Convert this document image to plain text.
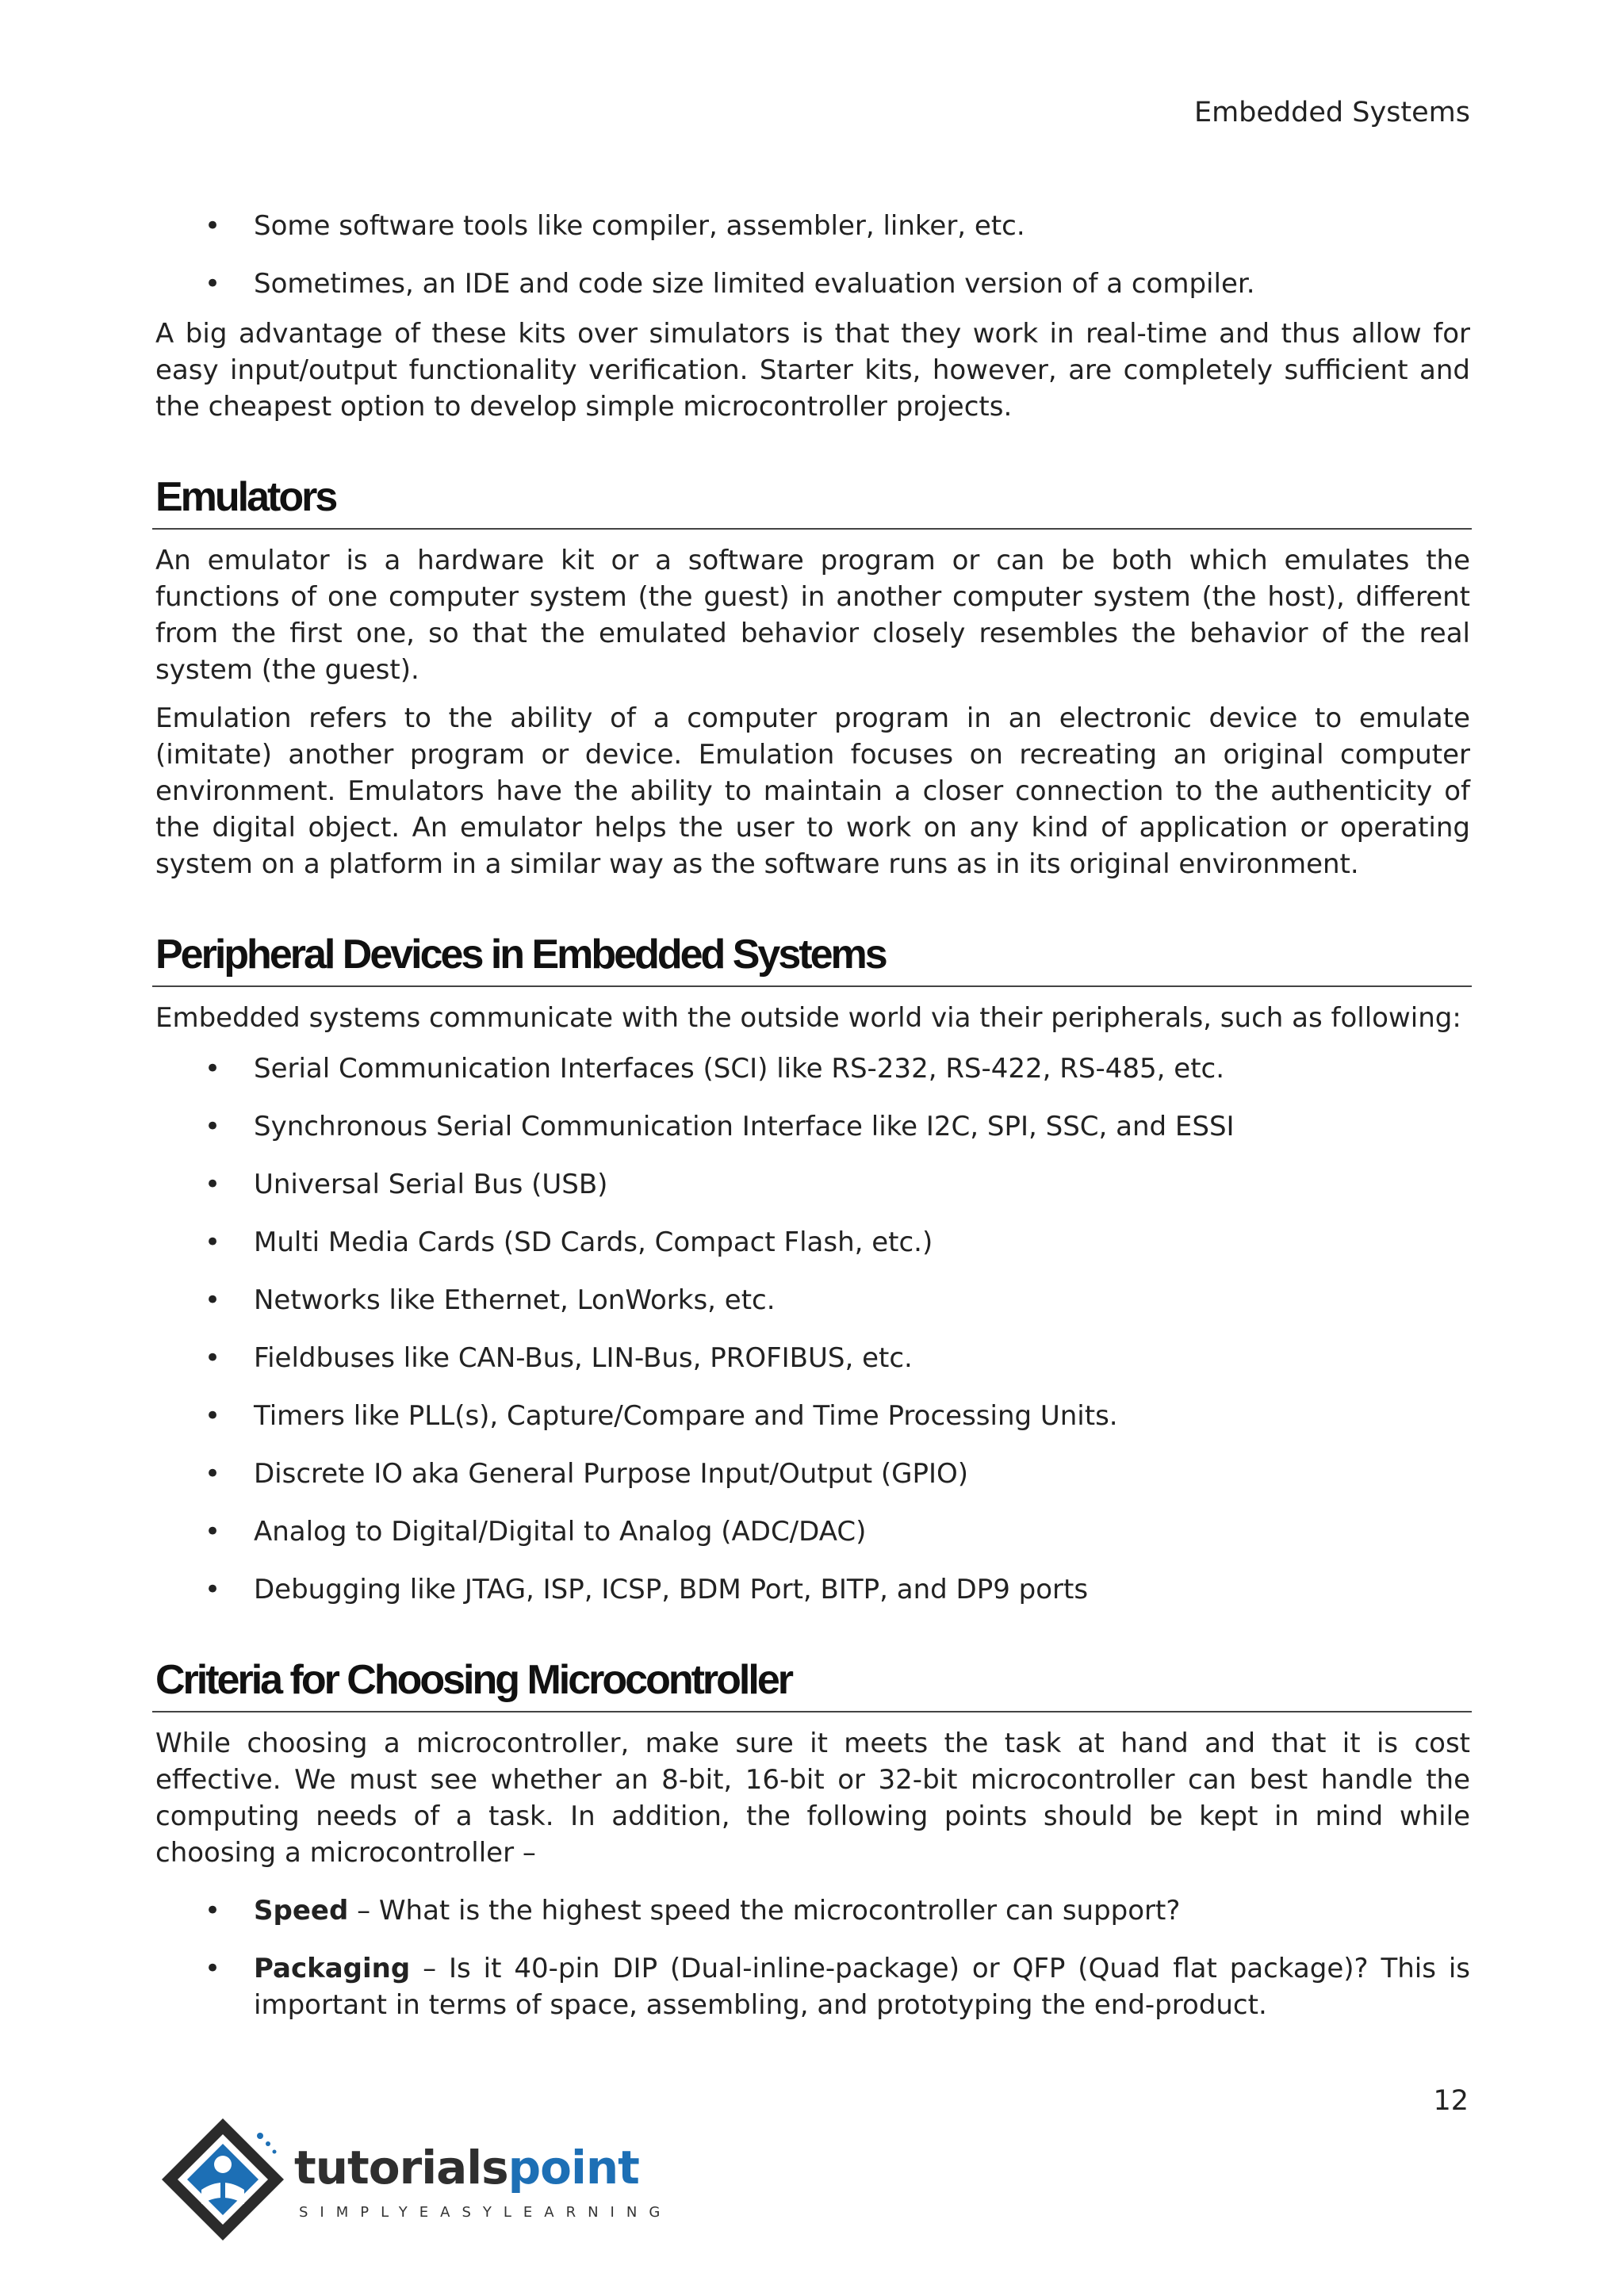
Embedded Systems
• Some software tools like compiler, assembler, linker, etc.
• Sometimes, an IDE and code size limited evaluation version of a compiler.

A big advantage of these kits over simulators is that they work in real-time and thus allow for easy input/output functionality verification. Starter kits, however, are completely sufficient and the cheapest option to develop simple microcontroller projects.

Emulators

An emulator is a hardware kit or a software program or can be both which emulates the functions of one computer system (the guest) in another computer system (the host), different from the first one, so that the emulated behavior closely resembles the behavior of the real system (the guest).

Emulation refers to the ability of a computer program in an electronic device to emulate (imitate) another program or device. Emulation focuses on recreating an original computer environment. Emulators have the ability to maintain a closer connection to the authenticity of the digital object. An emulator helps the user to work on any kind of application or operating system on a platform in a similar way as the software runs as in its original environment.

Peripheral Devices in Embedded Systems

Embedded systems communicate with the outside world via their peripherals, such as following:

• Serial Communication Interfaces (SCI) like RS-232, RS-422, RS-485, etc.
• Synchronous Serial Communication Interface like I2C, SPI, SSC, and ESSI
• Universal Serial Bus (USB)
• Multi Media Cards (SD Cards, Compact Flash, etc.)
• Networks like Ethernet, LonWorks, etc.
• Fieldbuses like CAN-Bus, LIN-Bus, PROFIBUS, etc.
• Timers like PLL(s), Capture/Compare and Time Processing Units.
• Discrete IO aka General Purpose Input/Output (GPIO)
• Analog to Digital/Digital to Analog (ADC/DAC)
• Debugging like JTAG, ISP, ICSP, BDM Port, BITP, and DP9 ports
Criteria for Choosing Microcontroller

While choosing a microcontroller, make sure it meets the task at hand and that it is cost effective. We must see whether an 8-bit, 16-bit or 32-bit microcontroller can best handle the computing needs of a task. In addition, the following points should be kept in mind while choosing a microcontroller –

• Speed – What is the highest speed the microcontroller can support?
• Packaging – Is it 40-pin DIP (Dual-inline-package) or QFP (Quad flat package)? This is important in terms of space, assembling, and prototyping the end-product.
12
tutorialspoint
SIMPLYEASYLEARNING
